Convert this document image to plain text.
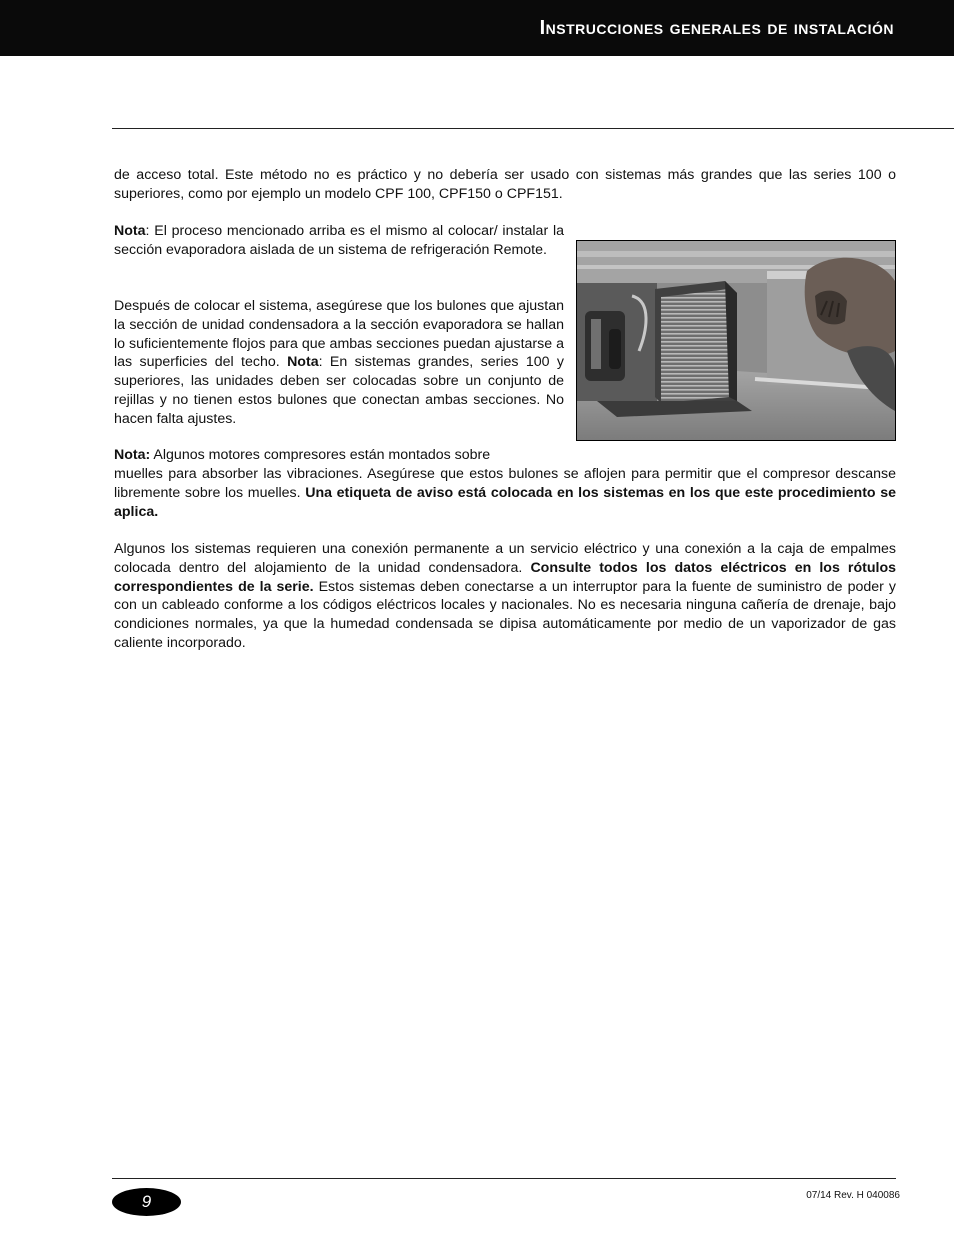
Instrucciones generales de instalación

de acceso total. Este método no es práctico y no debería ser usado con sistemas más grandes que las series 100 o superiores, como por ejemplo un modelo CPF 100, CPF150 o CPF151.

Nota: El proceso mencionado arriba es el mismo al colocar/ instalar la sección evaporadora aislada de un sistema de refrigeración Remote.

Después de colocar el sistema, asegúrese que los bulones que ajustan la sección de unidad condensadora a la sección evaporadora se hallan lo suficientemente flojos para que ambas secciones puedan ajustarse a las superficies del techo. Nota: En sistemas grandes, series 100 y superiores, las unidades deben ser colocadas sobre un conjunto de rejillas y no tienen estos bulones que conectan ambas secciones. No hacen falta ajustes.

Nota: Algunos motores compresores están montados sobre

muelles para absorber las vibraciones. Asegúrese que estos bulones se aflojen para permitir que el compresor descanse libremente sobre los muelles. Una etiqueta de aviso está colocada en los sistemas en los que este procedimiento se aplica.

Algunos los sistemas requieren una conexión permanente a un servicio eléctrico y una conexión a la caja de empalmes colocada dentro del alojamiento de la unidad condensadora. Consulte todos los datos eléctricos en los rótulos correspondientes de la serie. Estos sistemas deben conectarse a un interruptor para la fuente de suministro de poder y con un cableado conforme a los códigos eléctricos locales y nacionales. No es necesaria ninguna cañería de drenaje, bajo condiciones normales, ya que la humedad condensada se dipisa automáticamente por medio de un vaporizador de gas caliente incorporado.

9	07/14 Rev. H 040086
